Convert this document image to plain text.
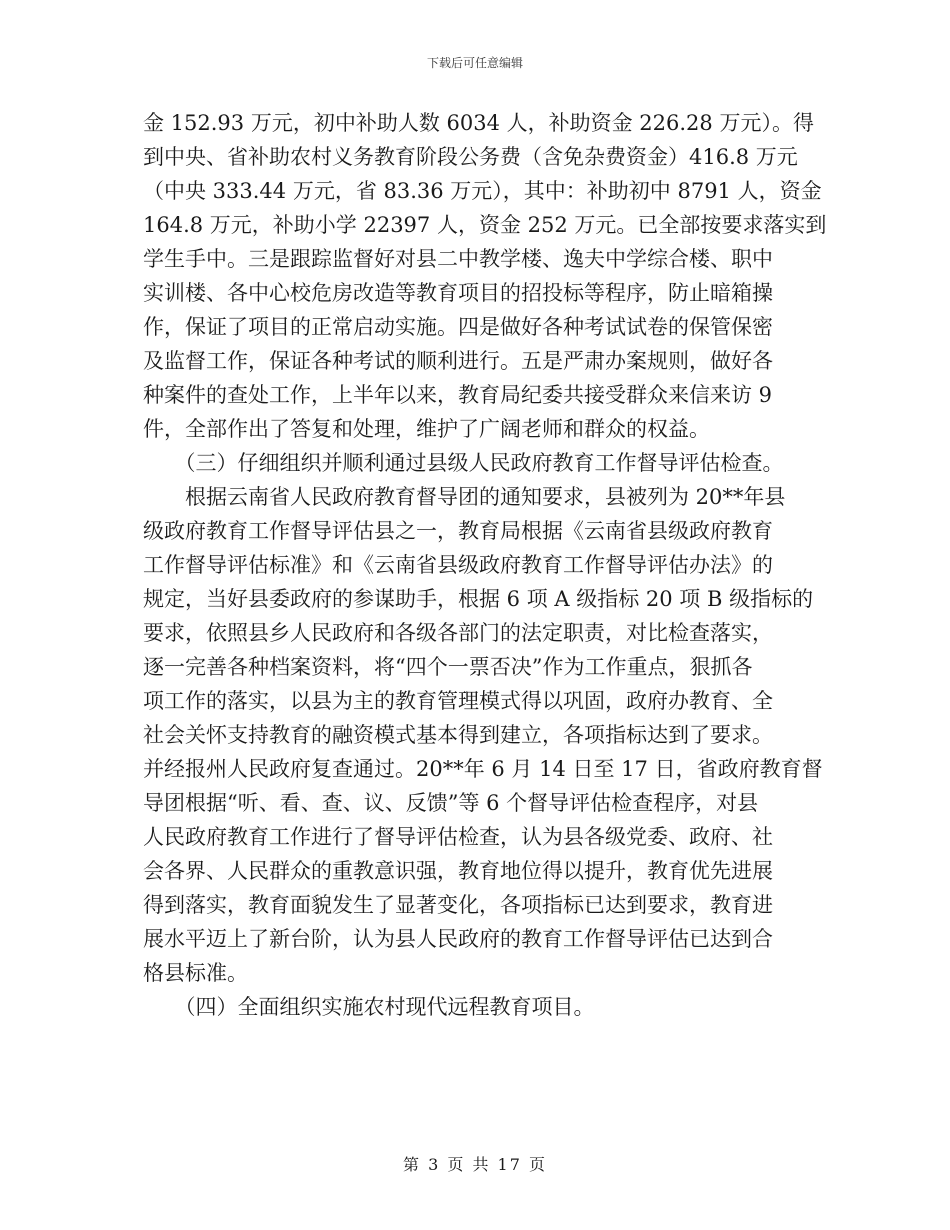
下载后可任意编辑
金 152.93 万元，初中补助人数 6034 人，补助资金 226.28 万元）。得
到中央、省补助农村义务教育阶段公务费（含免杂费资金）416.8 万元
（中央 333.44 万元，省 83.36 万元），其中：补助初中 8791 人，资金
164.8 万元，补助小学 22397 人，资金 252 万元。已全部按要求落实到
学生手中。三是跟踪监督好对县二中教学楼、逸夫中学综合楼、职中
实训楼、各中心校危房改造等教育项目的招投标等程序，防止暗箱操
作，保证了项目的正常启动实施。四是做好各种考试试卷的保管保密
及监督工作，保证各种考试的顺利进行。五是严肃办案规则，做好各
种案件的查处工作，上半年以来，教育局纪委共接受群众来信来访 9
件，全部作出了答复和处理，维护了广阔老师和群众的权益。
　　（三）仔细组织并顺利通过县级人民政府教育工作督导评估检查。
　　根据云南省人民政府教育督导团的通知要求，县被列为 20**年县
级政府教育工作督导评估县之一，教育局根据《云南省县级政府教育
工作督导评估标准》和《云南省县级政府教育工作督导评估办法》的
规定，当好县委政府的参谋助手，根据 6 项 A 级指标 20 项 B 级指标的
要求，依照县乡人民政府和各级各部门的法定职责，对比检查落实，
逐一完善各种档案资料，将“四个一票否决”作为工作重点，狠抓各
项工作的落实，以县为主的教育管理模式得以巩固，政府办教育、全
社会关怀支持教育的融资模式基本得到建立，各项指标达到了要求。
并经报州人民政府复查通过。20**年 6 月 14 日至 17 日，省政府教育督
导团根据“听、看、查、议、反馈”等 6 个督导评估检查程序，对县
人民政府教育工作进行了督导评估检查，认为县各级党委、政府、社
会各界、人民群众的重教意识强，教育地位得以提升，教育优先进展
得到落实，教育面貌发生了显著变化，各项指标已达到要求，教育进
展水平迈上了新台阶，认为县人民政府的教育工作督导评估已达到合
格县标准。
　　（四）全面组织实施农村现代远程教育项目。
第 3 页 共 17 页
